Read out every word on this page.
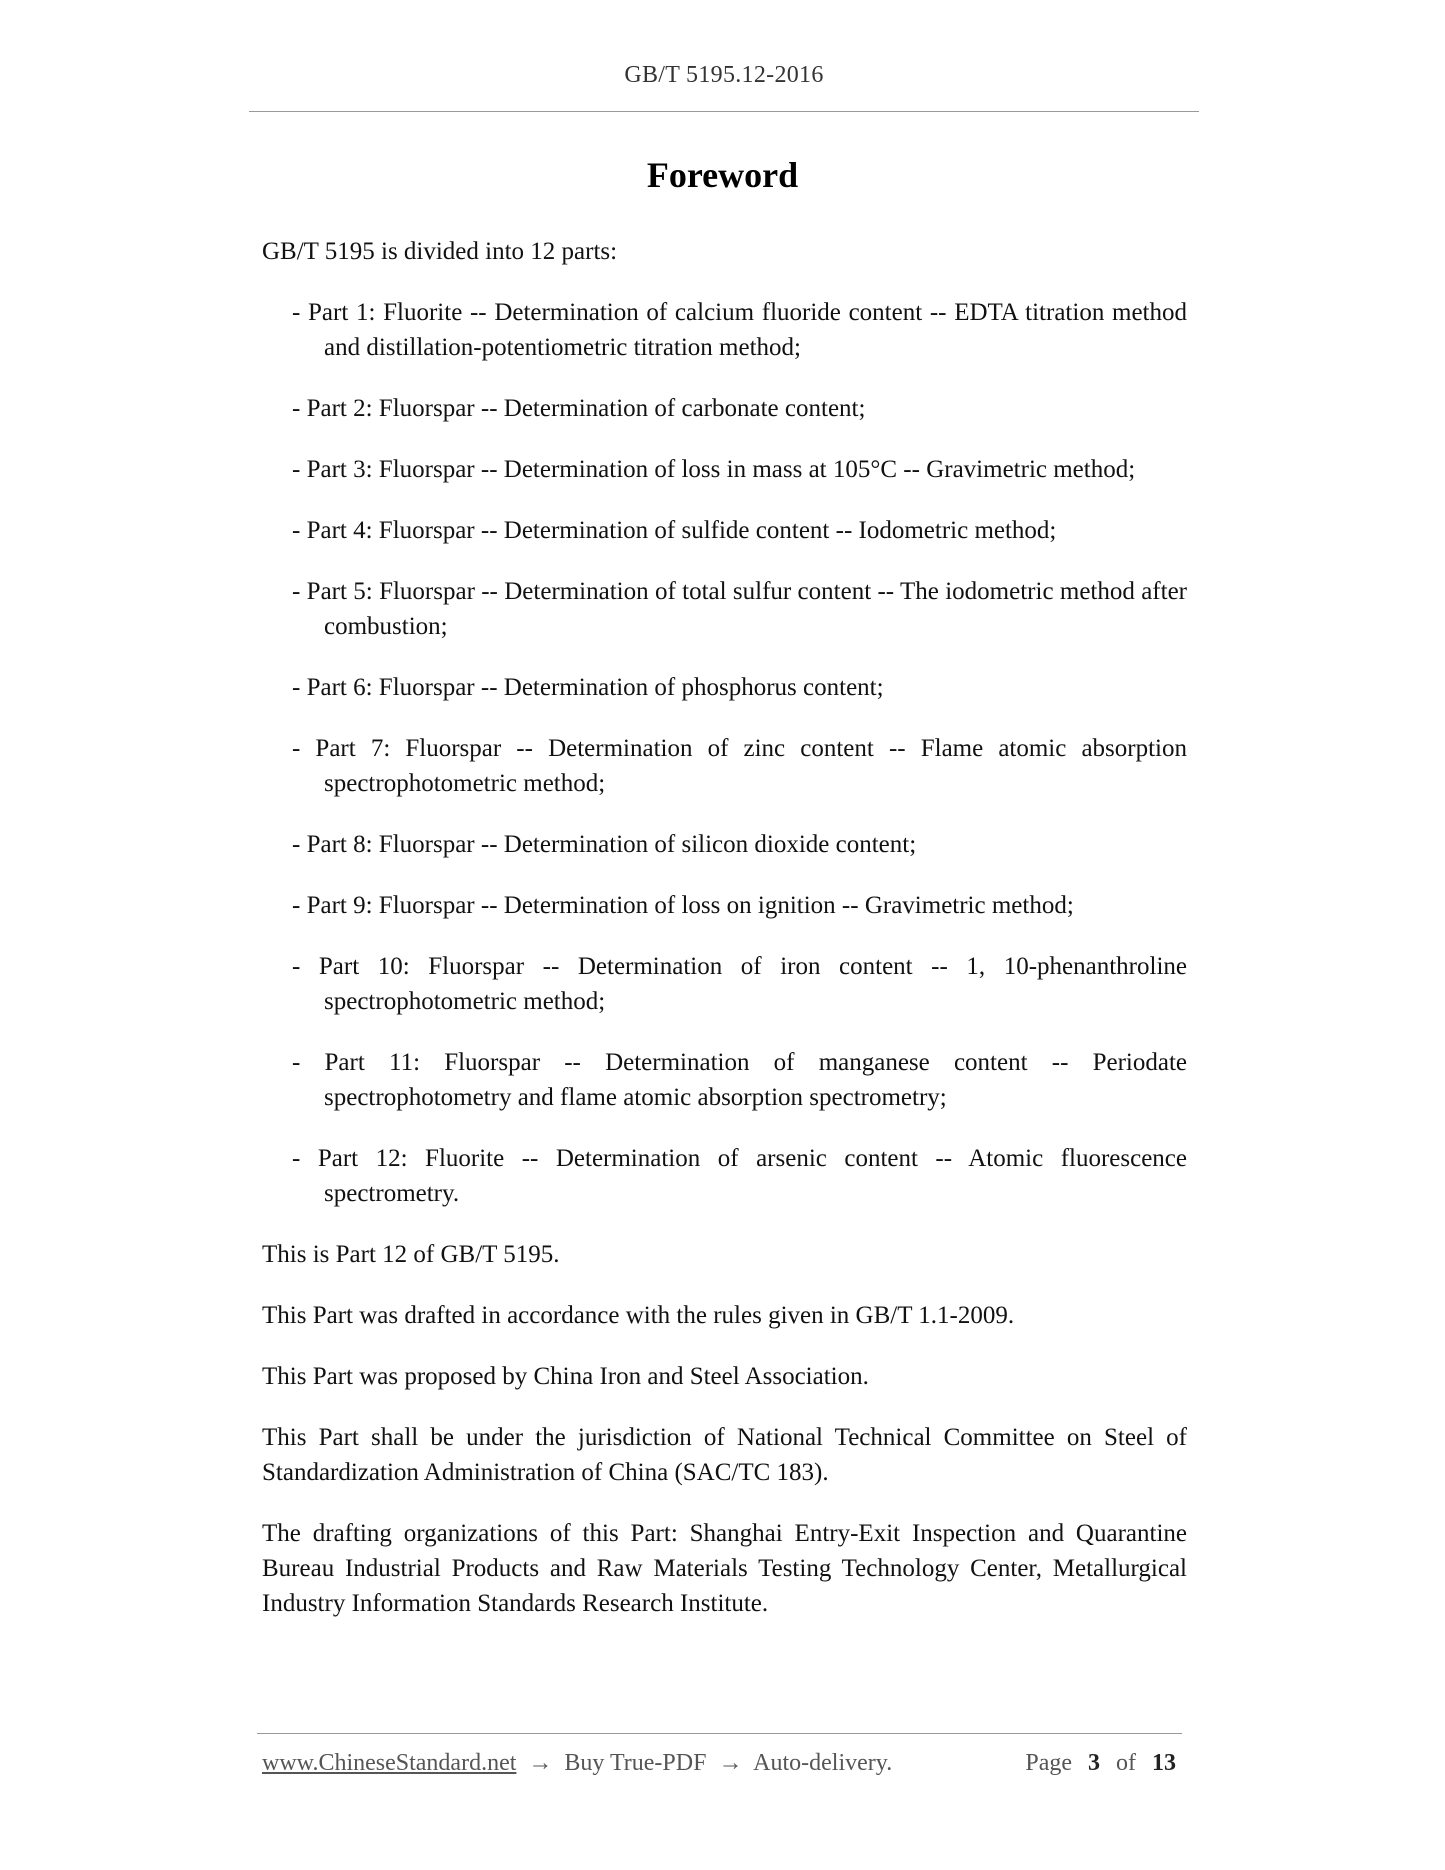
GB/T 5195.12-2016
Foreword

GB/T 5195 is divided into 12 parts:

- Part 1: Fluorite -- Determination of calcium fluoride content -- EDTA titration method and distillation-potentiometric titration method;
- Part 2: Fluorspar -- Determination of carbonate content;
- Part 3: Fluorspar -- Determination of loss in mass at 105°C -- Gravimetric method;
- Part 4: Fluorspar -- Determination of sulfide content -- Iodometric method;
- Part 5: Fluorspar -- Determination of total sulfur content -- The iodometric method after combustion;
- Part 6: Fluorspar -- Determination of phosphorus content;
- Part 7: Fluorspar -- Determination of zinc content -- Flame atomic absorption spectrophotometric method;
- Part 8: Fluorspar -- Determination of silicon dioxide content;
- Part 9: Fluorspar -- Determination of loss on ignition -- Gravimetric method;
- Part 10: Fluorspar -- Determination of iron content -- 1, 10-phenanthroline spectrophotometric method;
- Part 11: Fluorspar -- Determination of manganese content -- Periodate spectrophotometry and flame atomic absorption spectrometry;
- Part 12: Fluorite -- Determination of arsenic content -- Atomic fluorescence spectrometry.

This is Part 12 of GB/T 5195.

This Part was drafted in accordance with the rules given in GB/T 1.1-2009.

This Part was proposed by China Iron and Steel Association.

This Part shall be under the jurisdiction of National Technical Committee on Steel of Standardization Administration of China (SAC/TC 183).

The drafting organizations of this Part: Shanghai Entry-Exit Inspection and Quarantine Bureau Industrial Products and Raw Materials Testing Technology Center, Metallurgical Industry Information Standards Research Institute.

www.ChineseStandard.net → Buy True-PDF → Auto-delivery.	Page 3 of 13
